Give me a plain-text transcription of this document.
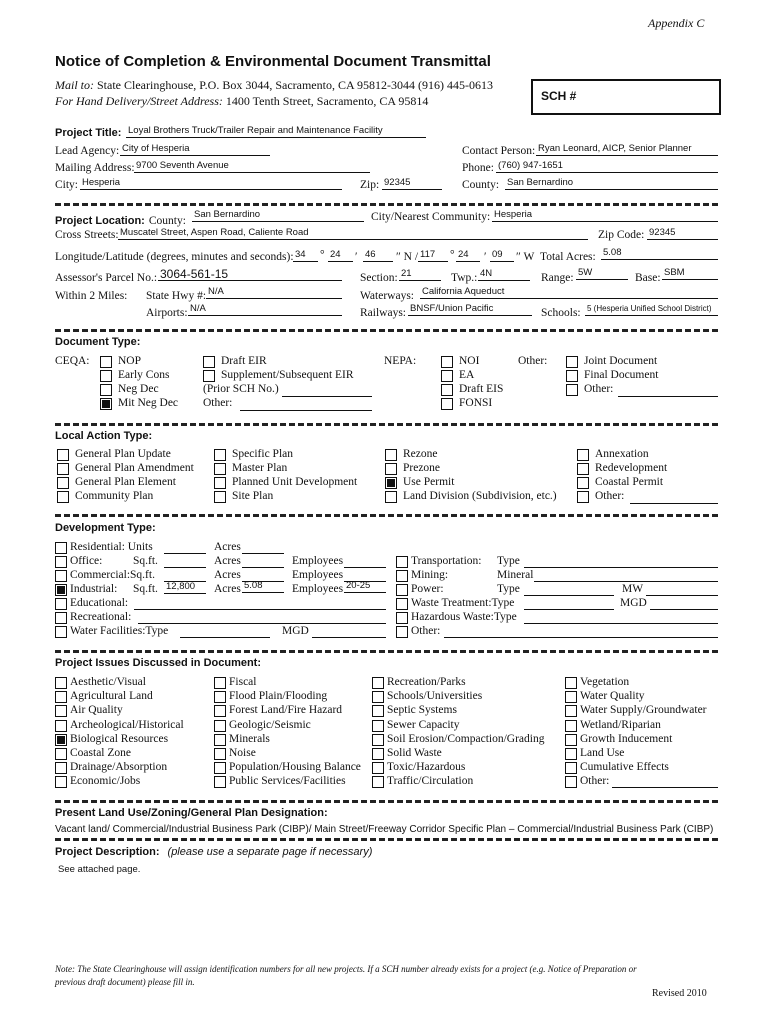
Appendix C
Notice of Completion & Environmental Document Transmittal
Mail to: State Clearinghouse, P.O. Box 3044, Sacramento, CA 95812-3044 (916) 445-0613
For Hand Delivery/Street Address: 1400 Tenth Street, Sacramento, CA 95814	SCH #
Project Title: Loyal Brothers Truck/Trailer Repair and Maintenance Facility
Lead Agency: City of Hesperia	Contact Person: Ryan Leonard, AICP, Senior Planner
Mailing Address: 9700 Seventh Avenue	Phone: (760) 947-1651
City: Hesperia	Zip: 92345	County: San Bernardino
Project Location: County:
San Bernardino	City/Nearest Community: Hesperia
Cross Streets: Muscatel Street, Aspen Road, Caliente Road	Zip Code: 92345
Longitude/Latitude (degrees, minutes and seconds): 34	° 24	′ 46	″ N / 117	° 24	′ 09	″ W Total Acres: 5.08
Assessor's Parcel No.: 3064-561-15	Section: 21	Twp.: 4N	Range: 5W	Base: SBM
Within 2 Miles: State Hwy #: N/A	Waterways: California Aqueduct
Airports: N/A	Railways: BNSF/Union Pacific	Schools: 5 (Hesperia Unified School District)
Document Type:
CEQA: NOP
Early Cons
Neg Dec
Mit Neg Dec
Draft EIR
Supplement/Subsequent EIR
(Prior SCH No.)
Other:
NEPA:	NOI
EA
Draft EIS
FONSI
Other:	Joint Document
Final Document
Other:
Local Action Type:
General Plan Update
General Plan Amendment
General Plan Element
Community Plan
Specific Plan
Master Plan
Planned Unit Development
Site Plan
Rezone
Prezone
Use Permit
Land Division (Subdivision, etc.)
Annexation
Redevelopment
Coastal Permit
Other:
Development Type:
Residential: Units	Acres
Office:	Sq.ft.	Acres	Employees
Commercial:Sq.ft.	Acres	Employees
Industrial: Sq.ft. 12,800	Acres 5.08	Employees 20-25
Educational:
Recreational:
Water Facilities:Type	MGD
Transportation: Type
Mining:	Mineral
Power:	Type	MW
Waste Treatment:Type	MGD
Hazardous Waste:Type
Other:
Project Issues Discussed in Document:
Aesthetic/Visual
Agricultural Land
Air Quality
Archeological/Historical
Biological Resources
Coastal Zone
Drainage/Absorption
Economic/Jobs
Fiscal
Flood Plain/Flooding
Forest Land/Fire Hazard
Geologic/Seismic
Minerals
Noise
Population/Housing Balance
Public Services/Facilities
Recreation/Parks
Schools/Universities
Septic Systems
Sewer Capacity
Soil Erosion/Compaction/Grading
Solid Waste
Toxic/Hazardous
Traffic/Circulation
Vegetation
Water Quality
Water Supply/Groundwater
Wetland/Riparian
Growth Inducement
Land Use
Cumulative Effects
Other:
Present Land Use/Zoning/General Plan Designation:
Vacant land/ Commercial/Industrial Business Park (CIBP)/ Main Street/Freeway Corridor Specific Plan – Commercial/Industrial Business Park (CIBP)
Project Description: (please use a separate page if necessary)
See attached page.
Note: The State Clearinghouse will assign identification numbers for all new projects. If a SCH number already exists for a project (e.g. Notice of Preparation or
previous draft document) please fill in.
Revised 2010
